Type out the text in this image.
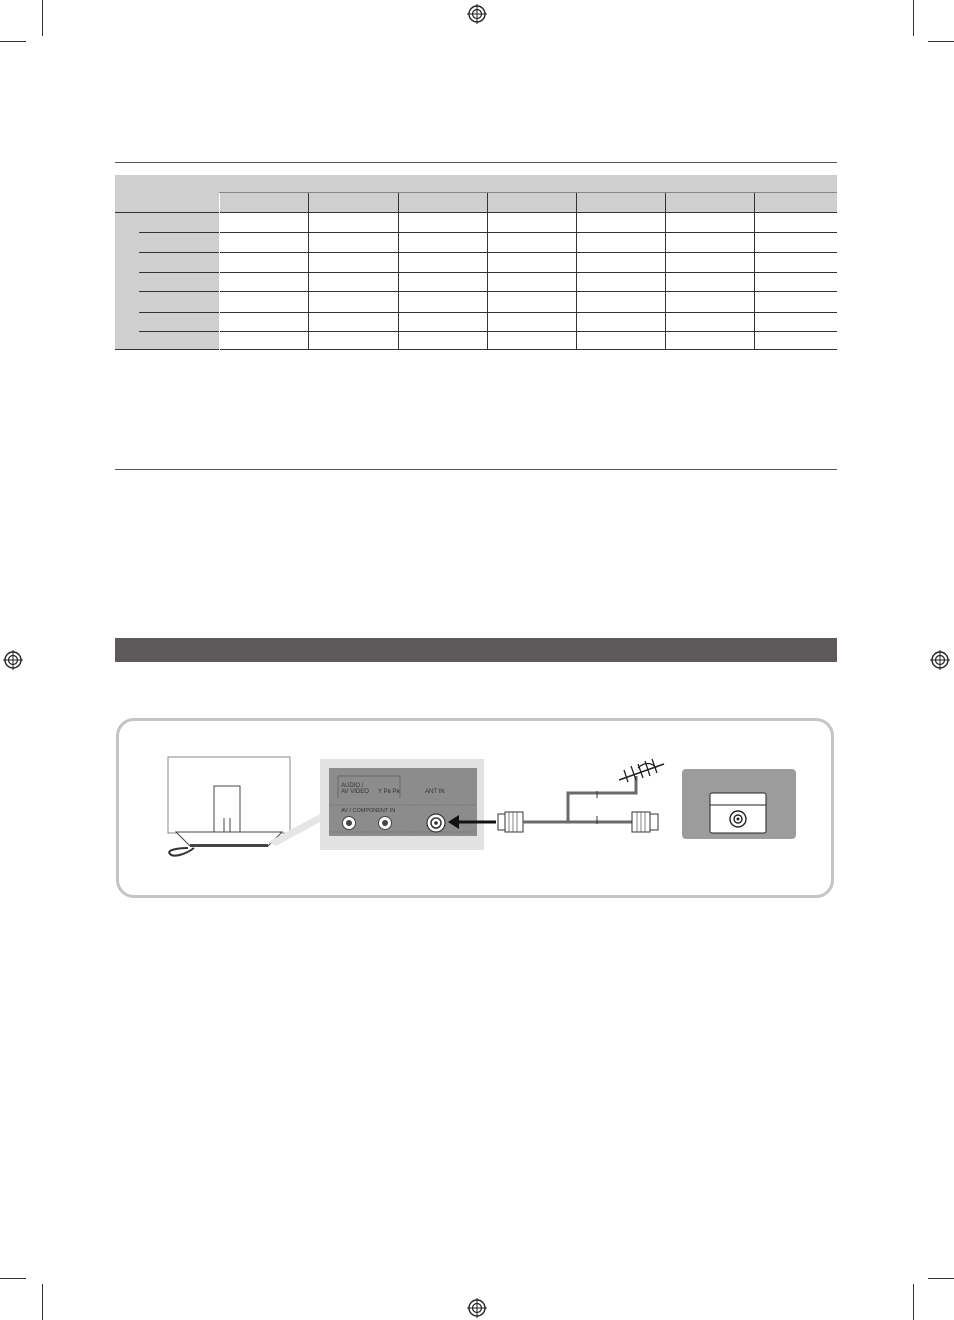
AV / COMPONENT IN
AUDIO /
AV VIDEO Y Pʙ Pʀ	ANT IN
